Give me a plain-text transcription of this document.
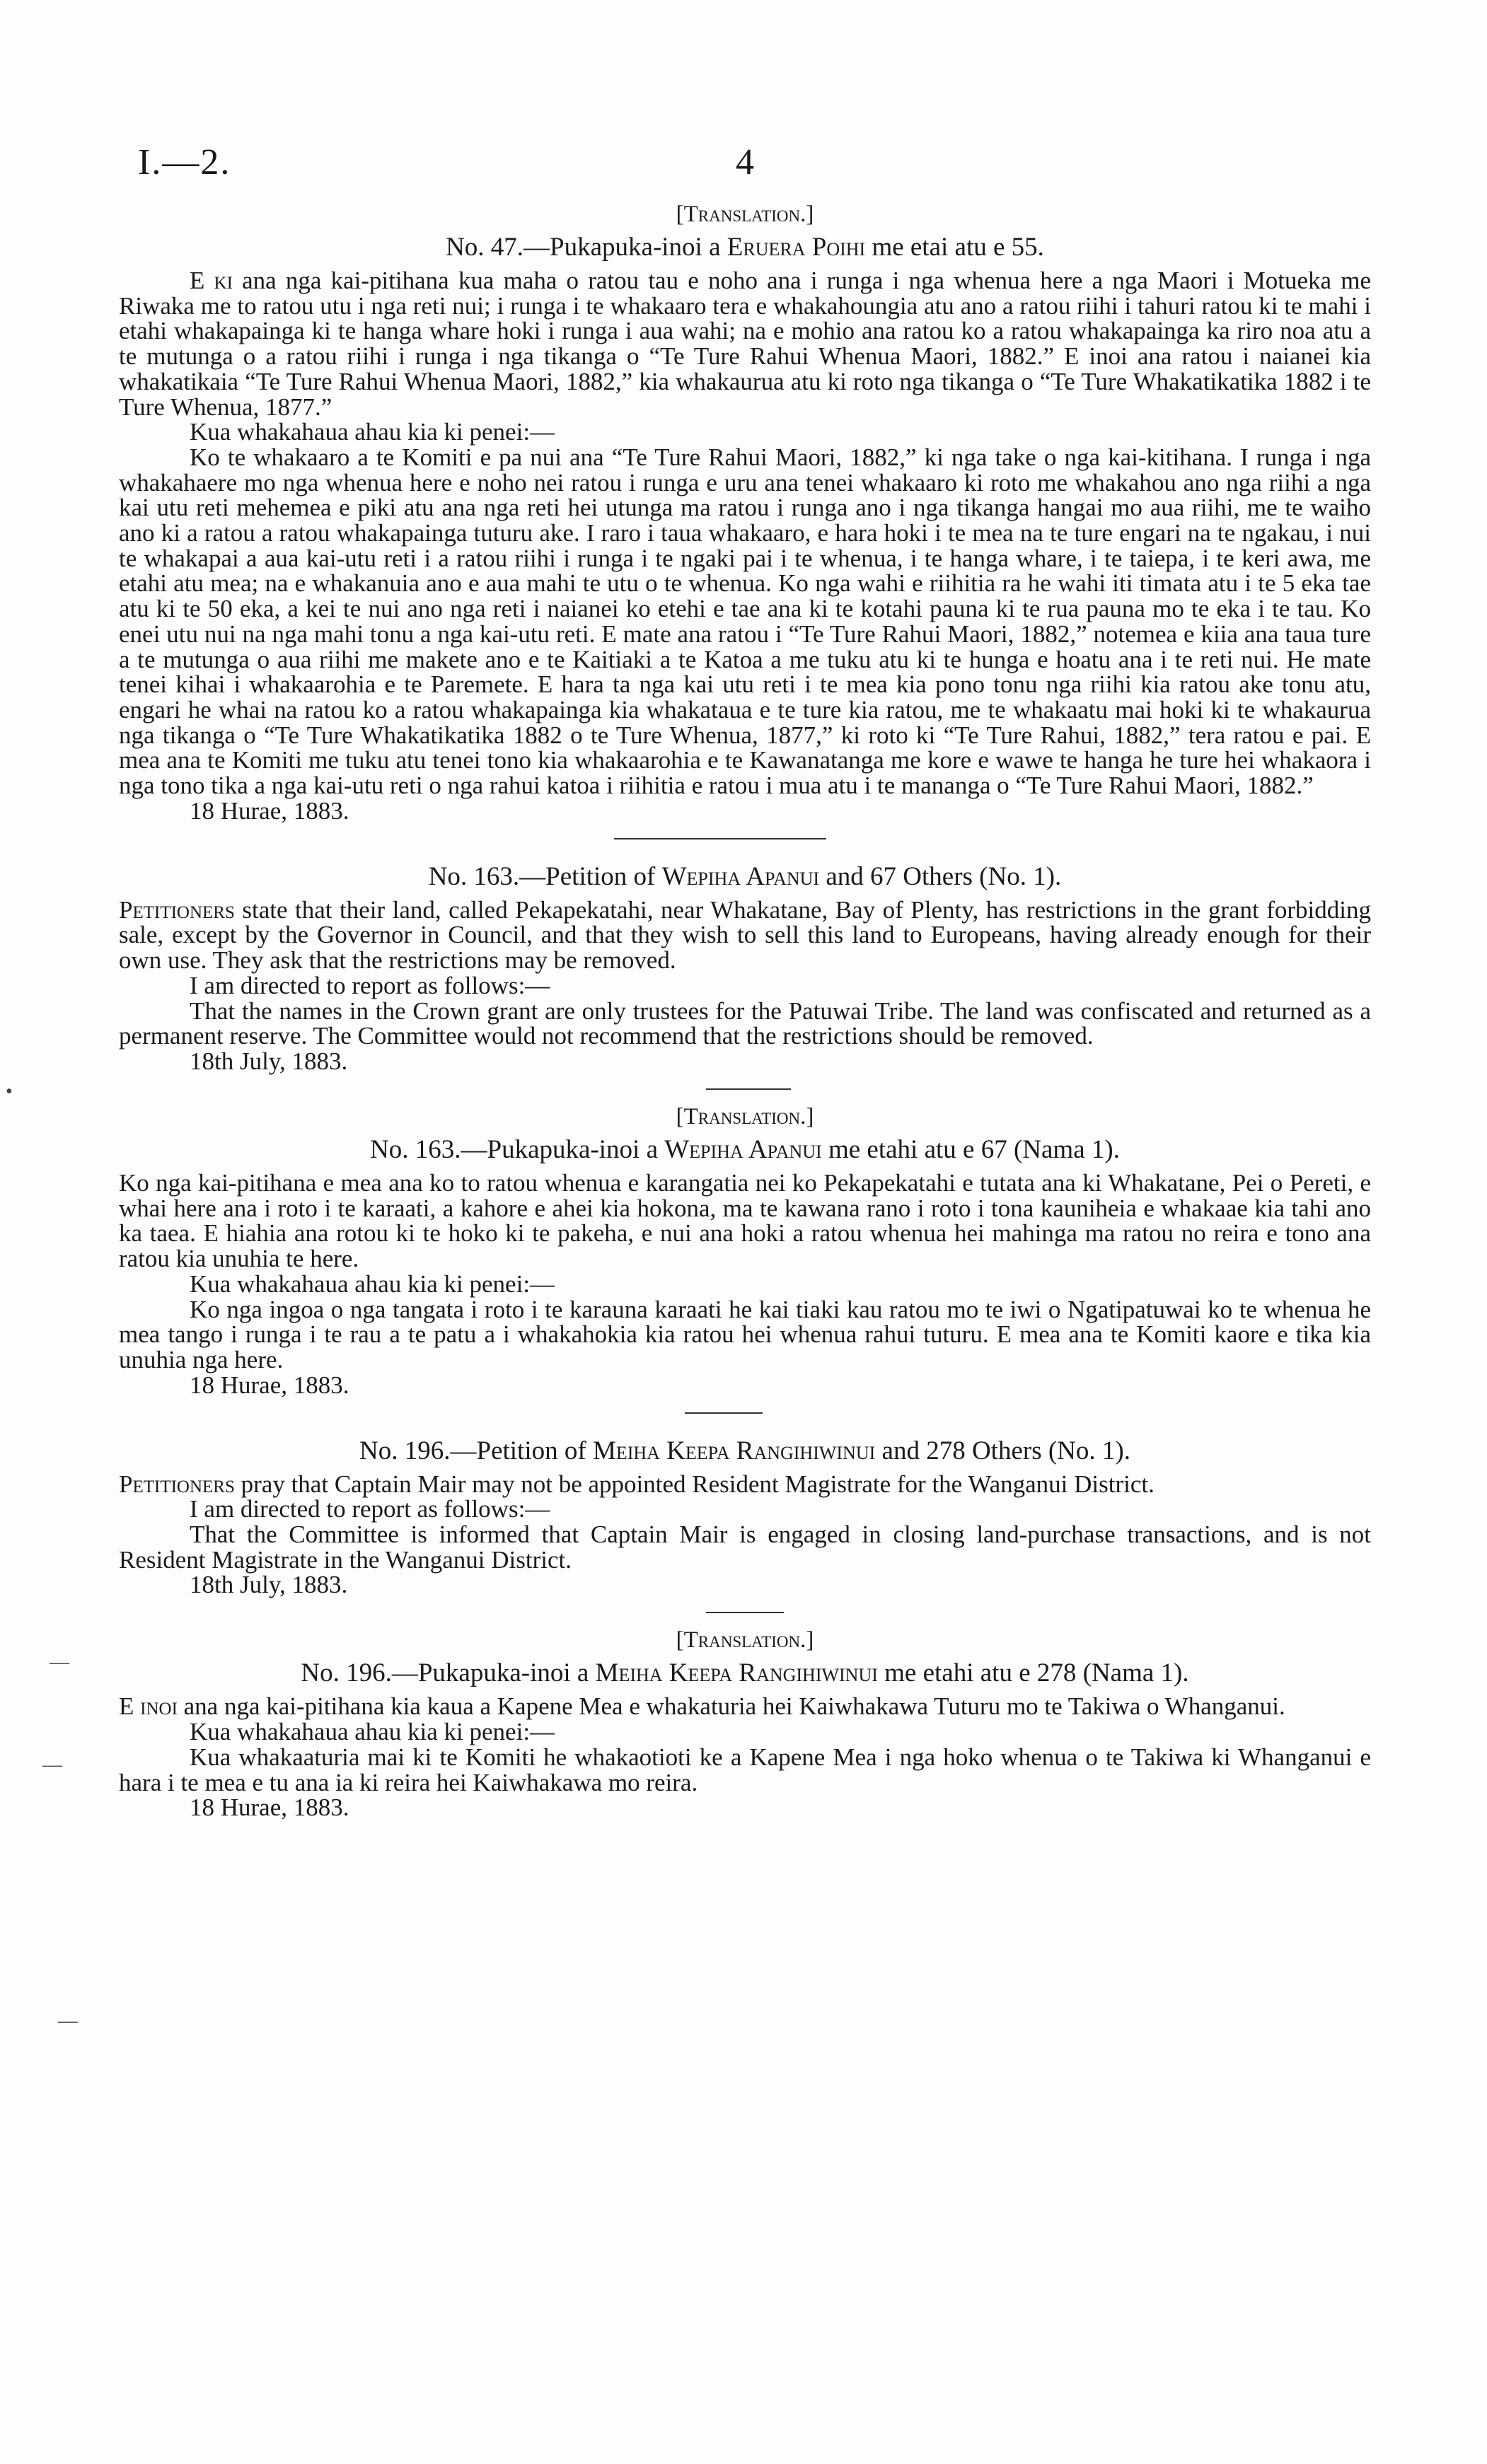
I.—2.	4

[Translation.]

No. 47.—Pukapuka-inoi a Eruera Poihi me etai atu e 55.

E ki ana nga kai-pitihana kua maha o ratou tau e noho ana i runga i nga whenua here a nga Maori i Motueka me Riwaka me to ratou utu i nga reti nui; i runga i te whakaaro tera e whakahoungia atu ano a ratou riihi i tahuri ratou ki te mahi i etahi whakapainga ki te hanga whare hoki i runga i aua wahi; na e mohio ana ratou ko a ratou whakapainga ka riro noa atu a te mutunga o a ratou riihi i runga i nga tikanga o “Te Ture Rahui Whenua Maori, 1882.” E inoi ana ratou i naianei kia whakatikaia “Te Ture Rahui Whenua Maori, 1882,” kia whakaurua atu ki roto nga tikanga o “Te Ture Whakatikatika 1882 i te Ture Whenua, 1877.”

Kua whakahaua ahau kia ki penei:—

Ko te whakaaro a te Komiti e pa nui ana “Te Ture Rahui Maori, 1882,” ki nga take o nga kai-kitihana. I runga i nga whakahaere mo nga whenua here e noho nei ratou i runga e uru ana tenei whakaaro ki roto me whakahou ano nga riihi a nga kai utu reti mehemea e piki atu ana nga reti hei utunga ma ratou i runga ano i nga tikanga hangai mo aua riihi, me te waiho ano ki a ratou a ratou whakapainga tuturu ake. I raro i taua whakaaro, e hara hoki i te mea na te ture engari na te ngakau, i nui te whakapai a aua kai-utu reti i a ratou riihi i runga i te ngaki pai i te whenua, i te hanga whare, i te taiepa, i te keri awa, me etahi atu mea; na e whakanuia ano e aua mahi te utu o te whenua. Ko nga wahi e riihitia ra he wahi iti timata atu i te 5 eka tae atu ki te 50 eka, a kei te nui ano nga reti i naianei ko etehi e tae ana ki te kotahi pauna ki te rua pauna mo te eka i te tau. Ko enei utu nui na nga mahi tonu a nga kai-utu reti. E mate ana ratou i “Te Ture Rahui Maori, 1882,” notemea e kiia ana taua ture a te mutunga o aua riihi me makete ano e te Kaitiaki a te Katoa a me tuku atu ki te hunga e hoatu ana i te reti nui. He mate tenei kihai i whakaarohia e te Paremete. E hara ta nga kai utu reti i te mea kia pono tonu nga riihi kia ratou ake tonu atu, engari he whai na ratou ko a ratou whakapainga kia whakataua e te ture kia ratou, me te whakaatu mai hoki ki te whakaurua nga tikanga o “Te Ture Whakatikatika 1882 o te Ture Whenua, 1877,” ki roto ki “Te Ture Rahui, 1882,” tera ratou e pai. E mea ana te Komiti me tuku atu tenei tono kia whakaarohia e te Kawanatanga me kore e wawe te hanga he ture hei whakaora i nga tono tika a nga kai-utu reti o nga rahui katoa i riihitia e ratou i mua atu i te mananga o “Te Ture Rahui Maori, 1882.”

18 Hurae, 1883.

No. 163.—Petition of Wepiha Apanui and 67 Others (No. 1).

Petitioners state that their land, called Pekapekatahi, near Whakatane, Bay of Plenty, has restrictions in the grant forbidding sale, except by the Governor in Council, and that they wish to sell this land to Europeans, having already enough for their own use. They ask that the restrictions may be removed.

I am directed to report as follows:—

That the names in the Crown grant are only trustees for the Patuwai Tribe. The land was confiscated and returned as a permanent reserve. The Committee would not recommend that the restrictions should be removed.

18th July, 1883.

[Translation.]

No. 163.—Pukapuka-inoi a Wepiha Apanui me etahi atu e 67 (Nama 1).

Ko nga kai-pitihana e mea ana ko to ratou whenua e karangatia nei ko Pekapekatahi e tutata ana ki Whakatane, Pei o Pereti, e whai here ana i roto i te karaati, a kahore e ahei kia hokona, ma te kawana rano i roto i tona kauniheia e whakaae kia tahi ano ka taea. E hiahia ana rotou ki te hoko ki te pakeha, e nui ana hoki a ratou whenua hei mahinga ma ratou no reira e tono ana ratou kia unuhia te here.

Kua whakahaua ahau kia ki penei:—

Ko nga ingoa o nga tangata i roto i te karauna karaati he kai tiaki kau ratou mo te iwi o Ngatipatuwai ko te whenua he mea tango i runga i te rau a te patu a i whakahokia kia ratou hei whenua rahui tuturu. E mea ana te Komiti kaore e tika kia unuhia nga here.

18 Hurae, 1883.

No. 196.—Petition of Meiha Keepa Rangihiwinui and 278 Others (No. 1).

Petitioners pray that Captain Mair may not be appointed Resident Magistrate for the Wanganui District.

I am directed to report as follows:—

That the Committee is informed that Captain Mair is engaged in closing land-purchase transactions, and is not Resident Magistrate in the Wanganui District.

18th July, 1883.

[Translation.]

No. 196.—Pukapuka-inoi a Meiha Keepa Rangihiwinui me etahi atu e 278 (Nama 1).

E inoi ana nga kai-pitihana kia kaua a Kapene Mea e whakaturia hei Kaiwhakawa Tuturu mo te Takiwa o Whanganui.

Kua whakahaua ahau kia ki penei:—

Kua whakaaturia mai ki te Komiti he whakaotioti ke a Kapene Mea i nga hoko whenua o te Takiwa ki Whanganui e hara i te mea e tu ana ia ki reira hei Kaiwhakawa mo reira.

18 Hurae, 1883.

•
—
—
—
